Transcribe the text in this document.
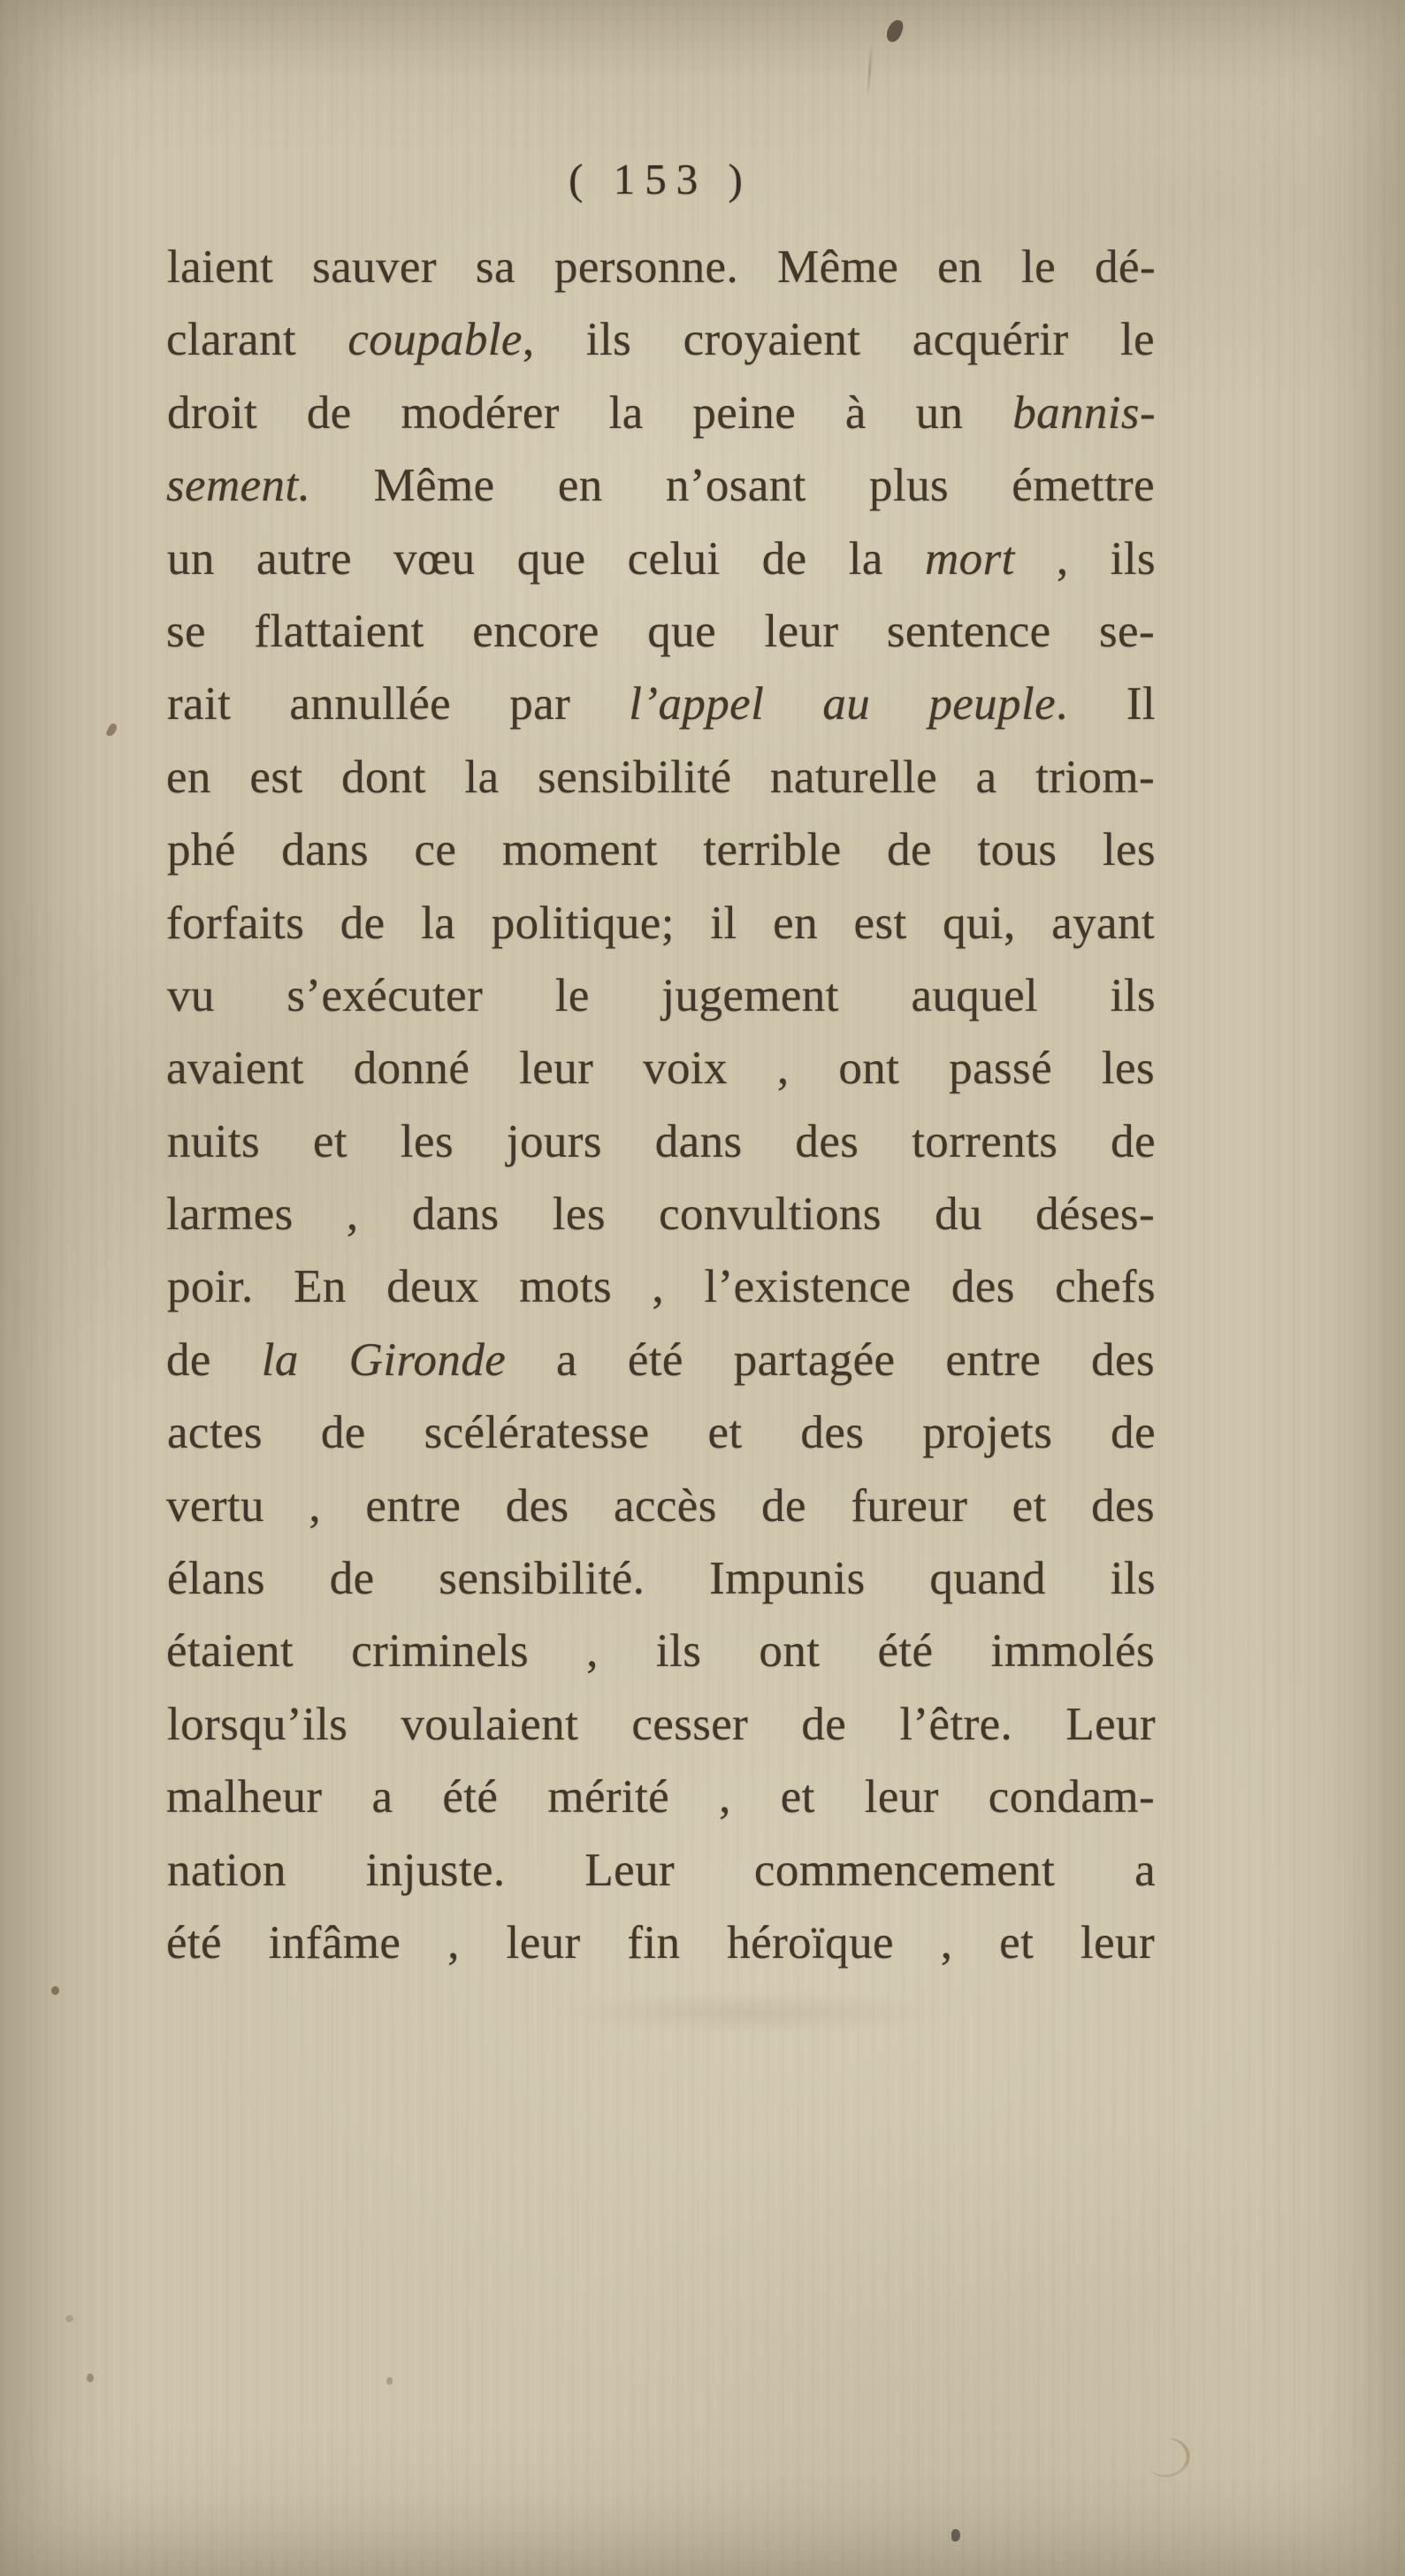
( 153 )
laient sauver sa personne. Même en le dé-
clarant coupable, ils croyaient acquérir le
droit de modérer la peine à un bannis-
sement. Même en n’osant plus émettre
un autre vœu que celui de la mort , ils
se flattaient encore que leur sentence se-
rait annullée par l’appel au peuple. Il
en est dont la sensibilité naturelle a triom-
phé dans ce moment terrible de tous les
forfaits de la politique; il en est qui, ayant
vu s’exécuter le jugement auquel ils
avaient donné leur voix , ont passé les
nuits et les jours dans des torrents de
larmes , dans les convultions du déses-
poir. En deux mots , l’existence des chefs
de la Gironde a été partagée entre des
actes de scélératesse et des projets de
vertu , entre des accès de fureur et des
élans de sensibilité. Impunis quand ils
étaient criminels , ils ont été immolés
lorsqu’ils voulaient cesser de l’être. Leur
malheur a été mérité , et leur condam-
nation injuste. Leur commencement a
été infâme , leur fin héroïque , et leur
